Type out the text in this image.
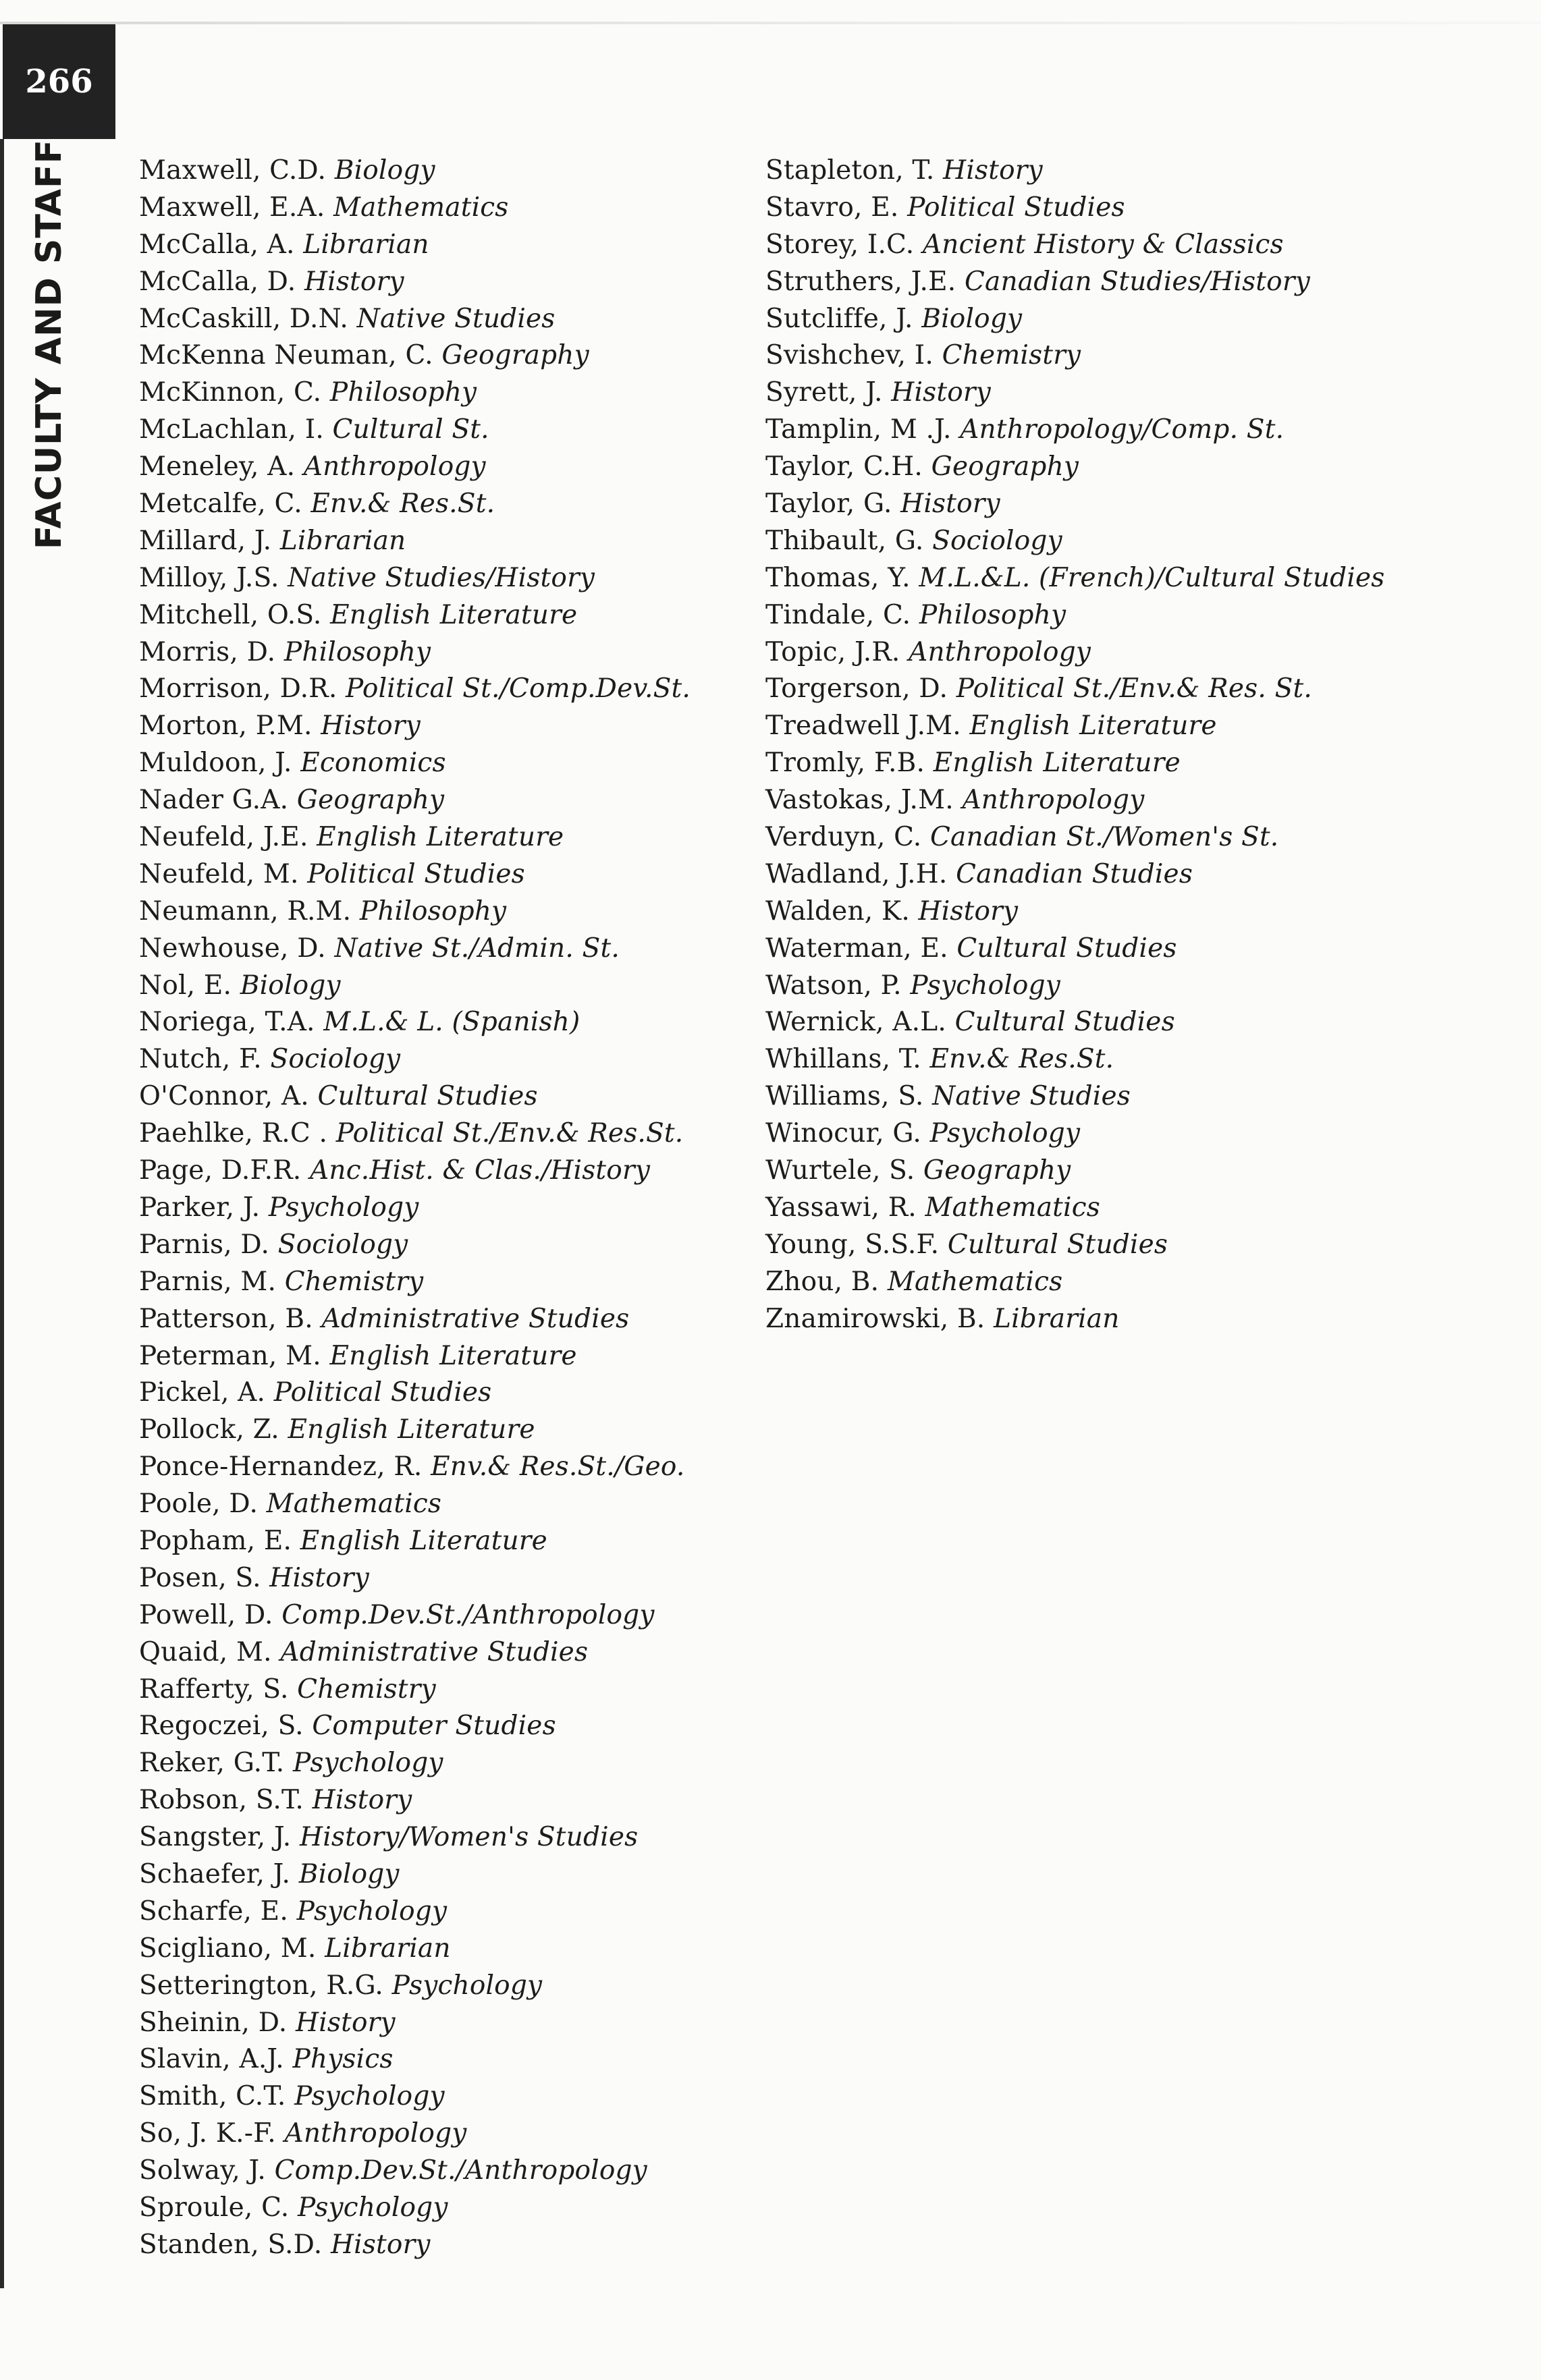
266
FACULTY AND STAFF	Maxwell, C.D. Biology
Maxwell, E.A. Mathematics
McCalla, A. Librarian
McCalla, D. History
McCaskill, D.N. Native Studies
McKenna Neuman, C. Geography
McKinnon, C. Philosophy
McLachlan, I. Cultural St.
Meneley, A. Anthropology
Metcalfe, C. Env.& Res.St.
Millard, J. Librarian
Milloy, J.S. Native Studies/History
Mitchell, O.S. English Literature
Morris, D. Philosophy
Morrison, D.R. Political St./Comp.Dev.St.
Morton, P.M. History
Muldoon, J. Economics
Nader G.A. Geography
Neufeld, J.E. English Literature
Neufeld, M. Political Studies
Neumann, R.M. Philosophy
Newhouse, D. Native St./Admin. St.
Nol, E. Biology
Noriega, T.A. M.L.& L. (Spanish)
Nutch, F. Sociology
O'Connor, A. Cultural Studies
Paehlke, R.C . Political St./Env.& Res.St.
Page, D.F.R. Anc.Hist. & Clas./History
Parker, J. Psychology
Parnis, D. Sociology
Parnis, M. Chemistry
Patterson, B. Administrative Studies
Peterman, M. English Literature
Pickel, A. Political Studies
Pollock, Z. English Literature
Ponce-Hernandez, R. Env.& Res.St./Geo.
Poole, D. Mathematics
Popham, E. English Literature
Posen, S. History
Powell, D. Comp.Dev.St./Anthropology
Quaid, M. Administrative Studies
Rafferty, S. Chemistry
Regoczei, S. Computer Studies
Reker, G.T. Psychology
Robson, S.T. History
Sangster, J. History/Women's Studies
Schaefer, J. Biology
Scharfe, E. Psychology
Scigliano, M. Librarian
Setterington, R.G. Psychology
Sheinin, D. History
Slavin, A.J. Physics
Smith, C.T. Psychology
So, J. K.-F. Anthropology
Solway, J. Comp.Dev.St./Anthropology
Sproule, C. Psychology
Standen, S.D. History
Stapleton, T. History
Stavro, E. Political Studies
Storey, I.C. Ancient History & Classics
Struthers, J.E. Canadian Studies/History
Sutcliffe, J. Biology
Svishchev, I. Chemistry
Syrett, J. History
Tamplin, M .J. Anthropology/Comp. St.
Taylor, C.H. Geography
Taylor, G. History
Thibault, G. Sociology
Thomas, Y. M.L.&L. (French)/Cultural Studies
Tindale, C. Philosophy
Topic, J.R. Anthropology
Torgerson, D. Political St./Env.& Res. St.
Treadwell J.M. English Literature
Tromly, F.B. English Literature
Vastokas, J.M. Anthropology
Verduyn, C. Canadian St./Women's St.
Wadland, J.H. Canadian Studies
Walden, K. History
Waterman, E. Cultural Studies
Watson, P. Psychology
Wernick, A.L. Cultural Studies
Whillans, T. Env.& Res.St.
Williams, S. Native Studies
Winocur, G. Psychology
Wurtele, S. Geography
Yassawi, R. Mathematics
Young, S.S.F. Cultural Studies
Zhou, B. Mathematics
Znamirowski, B. Librarian
